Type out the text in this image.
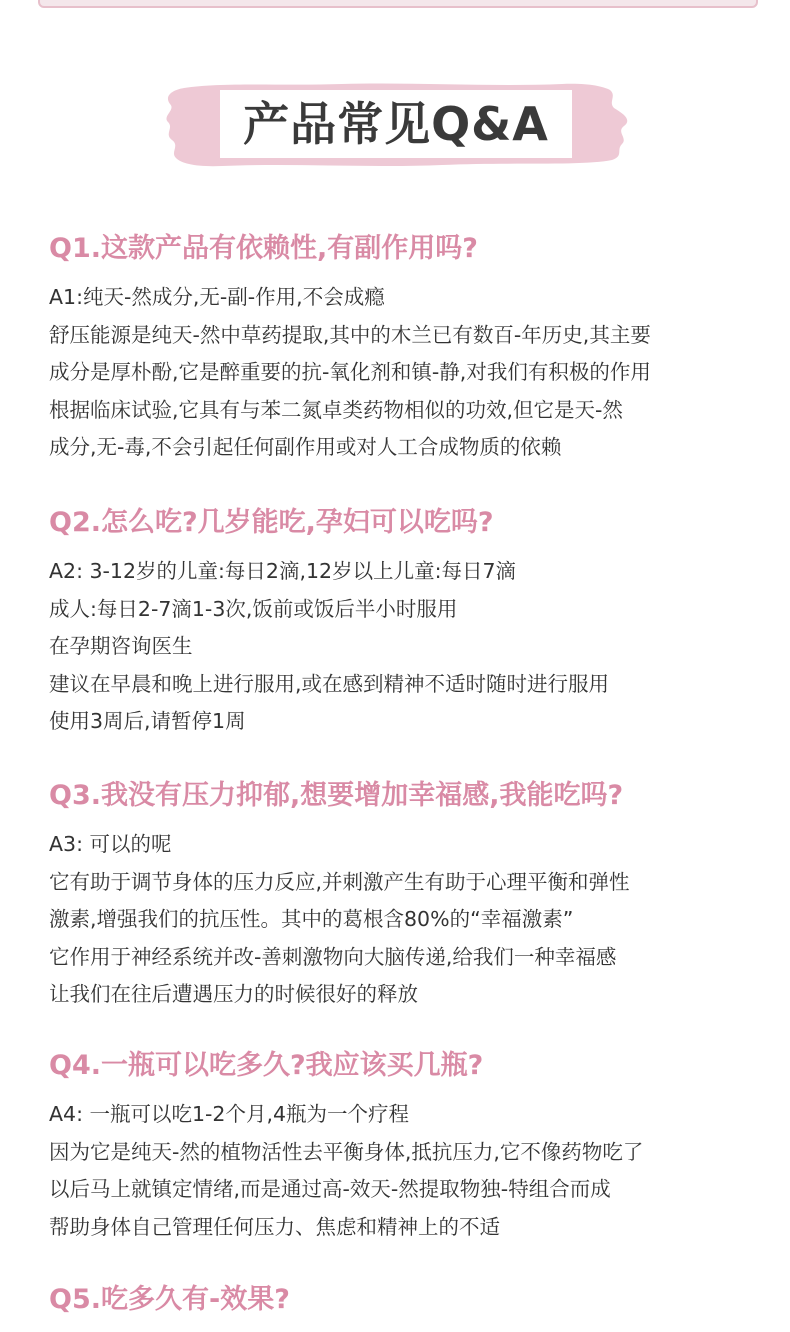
产品常见Q&A

Q1.这款产品有依赖性,有副作用吗?

A1:纯天-然成分,无-副-作用,不会成瘾
舒压能源是纯天-然中草药提取,其中的木兰已有数百-年历史,其主要
成分是厚朴酚,它是醉重要的抗-氧化剂和镇-静,对我们有积极的作用
根据临床试验,它具有与苯二氮卓类药物相似的功效,但它是天-然
成分,无-毒,不会引起任何副作用或对人工合成物质的依赖

Q2.怎么吃?几岁能吃,孕妇可以吃吗?

A2: 3-12岁的儿童:每日2滴,12岁以上儿童:每日7滴
成人:每日2-7滴1-3次,饭前或饭后半小时服用
在孕期咨询医生
建议在早晨和晚上进行服用,或在感到精神不适时随时进行服用
使用3周后,请暂停1周

Q3.我没有压力抑郁,想要增加幸福感,我能吃吗?

A3: 可以的呢
它有助于调节身体的压力反应,并刺激产生有助于心理平衡和弹性
激素,增强我们的抗压性。其中的葛根含80%的“幸福激素”
它作用于神经系统并改-善刺激物向大脑传递,给我们一种幸福感
让我们在往后遭遇压力的时候很好的释放

Q4.一瓶可以吃多久?我应该买几瓶?

A4: 一瓶可以吃1-2个月,4瓶为一个疗程
因为它是纯天-然的植物活性去平衡身体,抵抗压力,它不像药物吃了
以后马上就镇定情绪,而是通过高-效天-然提取物独-特组合而成
帮助身体自己管理任何压力、焦虑和精神上的不适

Q5.吃多久有-效果?
